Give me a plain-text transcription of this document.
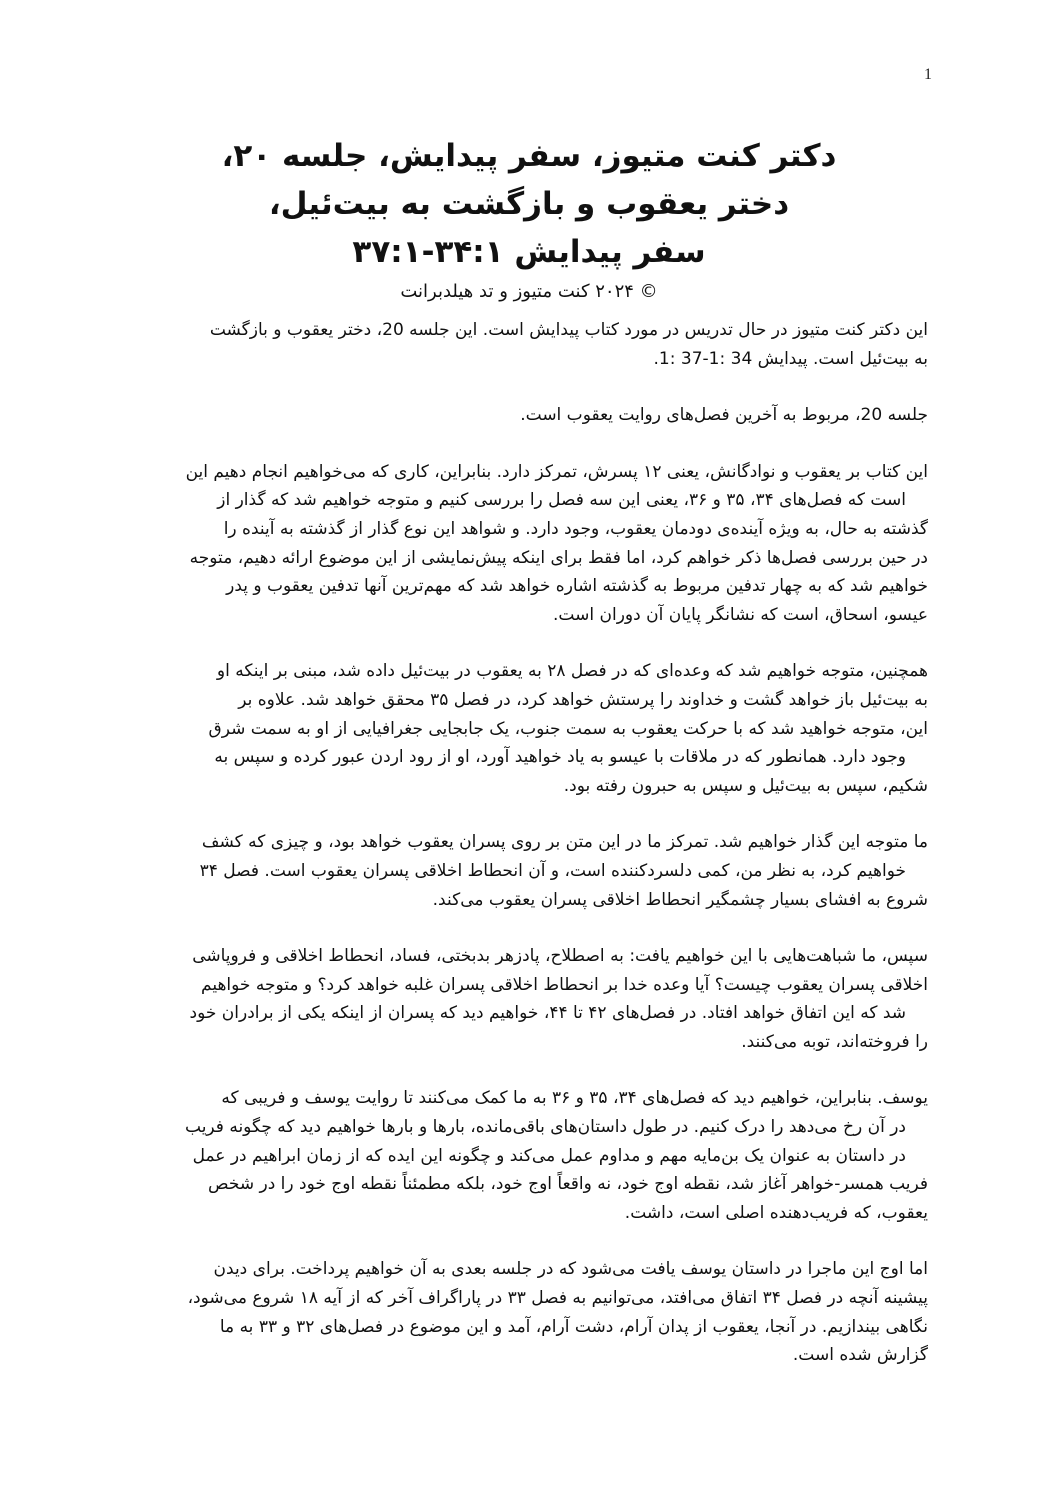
1
دکتر کنت متیوز، سفر پیدایش، جلسه ۲۰،
دختر یعقوب و بازگشت به بیت‌ئیل،
سفر پیدایش ۳۴:۱-۳۷:۱
© ۲۰۲۴ کنت متیوز و تد هیلدبرانت
این دکتر کنت متیوز در حال تدریس در مورد کتاب پیدایش است. این جلسه 20، دختر یعقوب و بازگشت
به بیت‌ئیل است. پیدایش 34 :1-37 :1.
جلسه 20، مربوط به آخرین فصل‌های روایت یعقوب است.
این کتاب بر یعقوب و نوادگانش، یعنی ۱۲ پسرش، تمرکز دارد. بنابراین، کاری که می‌خواهیم انجام دهیم این
است که فصل‌های ۳۴، ۳۵ و ۳۶، یعنی این سه فصل را بررسی کنیم و متوجه خواهیم شد که گذار از
گذشته به حال، به ویژه آینده‌ی دودمان یعقوب، وجود دارد. و شواهد این نوع گذار از گذشته به آینده را
در حین بررسی فصل‌ها ذکر خواهم کرد، اما فقط برای اینکه پیش‌نمایشی از این موضوع ارائه دهیم، متوجه
خواهیم شد که به چهار تدفین مربوط به گذشته اشاره خواهد شد که مهم‌ترین آنها تدفین یعقوب و پدر
عیسو، اسحاق، است که نشانگر پایان آن دوران است.
همچنین، متوجه خواهیم شد که وعده‌ای که در فصل ۲۸ به یعقوب در بیت‌ئیل داده شد، مبنی بر اینکه او
به بیت‌ئیل باز خواهد گشت و خداوند را پرستش خواهد کرد، در فصل ۳۵ محقق خواهد شد. علاوه بر
این، متوجه خواهید شد که با حرکت یعقوب به سمت جنوب، یک جابجایی جغرافیایی از او به سمت شرق
وجود دارد. همانطور که در ملاقات با عیسو به یاد خواهید آورد، او از رود اردن عبور کرده و سپس به
شکیم، سپس به بیت‌ئیل و سپس به حبرون رفته بود.
ما متوجه این گذار خواهیم شد. تمرکز ما در این متن بر روی پسران یعقوب خواهد بود، و چیزی که کشف
خواهیم کرد، به نظر من، کمی دلسردکننده است، و آن انحطاط اخلاقی پسران یعقوب است. فصل ۳۴
شروع به افشای بسیار چشمگیر انحطاط اخلاقی پسران یعقوب می‌کند.
سپس، ما شباهت‌هایی با این خواهیم یافت: به اصطلاح، پادزهر بدبختی، فساد، انحطاط اخلاقی و فروپاشی
اخلاقی پسران یعقوب چیست؟ آیا وعده خدا بر انحطاط اخلاقی پسران غلبه خواهد کرد؟ و متوجه خواهیم
شد که این اتفاق خواهد افتاد. در فصل‌های ۴۲ تا ۴۴، خواهیم دید که پسران از اینکه یکی از برادران خود
را فروخته‌اند، توبه می‌کنند.
یوسف. بنابراین، خواهیم دید که فصل‌های ۳۴، ۳۵ و ۳۶ به ما کمک می‌کنند تا روایت یوسف و فریبی که
در آن رخ می‌دهد را درک کنیم. در طول داستان‌های باقی‌مانده، بارها و بارها خواهیم دید که چگونه فریب
در داستان به عنوان یک بن‌مایه مهم و مداوم عمل می‌کند و چگونه این ایده که از زمان ابراهیم در عمل
فریب همسر-خواهر آغاز شد، نقطه اوج خود، نه واقعاً اوج خود، بلکه مطمئناً نقطه اوج خود را در شخص
یعقوب، که فریب‌دهنده اصلی است، داشت.
اما اوج این ماجرا در داستان یوسف یافت می‌شود که در جلسه بعدی به آن خواهیم پرداخت. برای دیدن
پیشینه آنچه در فصل ۳۴ اتفاق می‌افتد، می‌توانیم به فصل ۳۳ در پاراگراف آخر که از آیه ۱۸ شروع می‌شود،
نگاهی بیندازیم. در آنجا، یعقوب از پدان آرام، دشت آرام، آمد و این موضوع در فصل‌های ۳۲ و ۳۳ به ما
گزارش شده است.
